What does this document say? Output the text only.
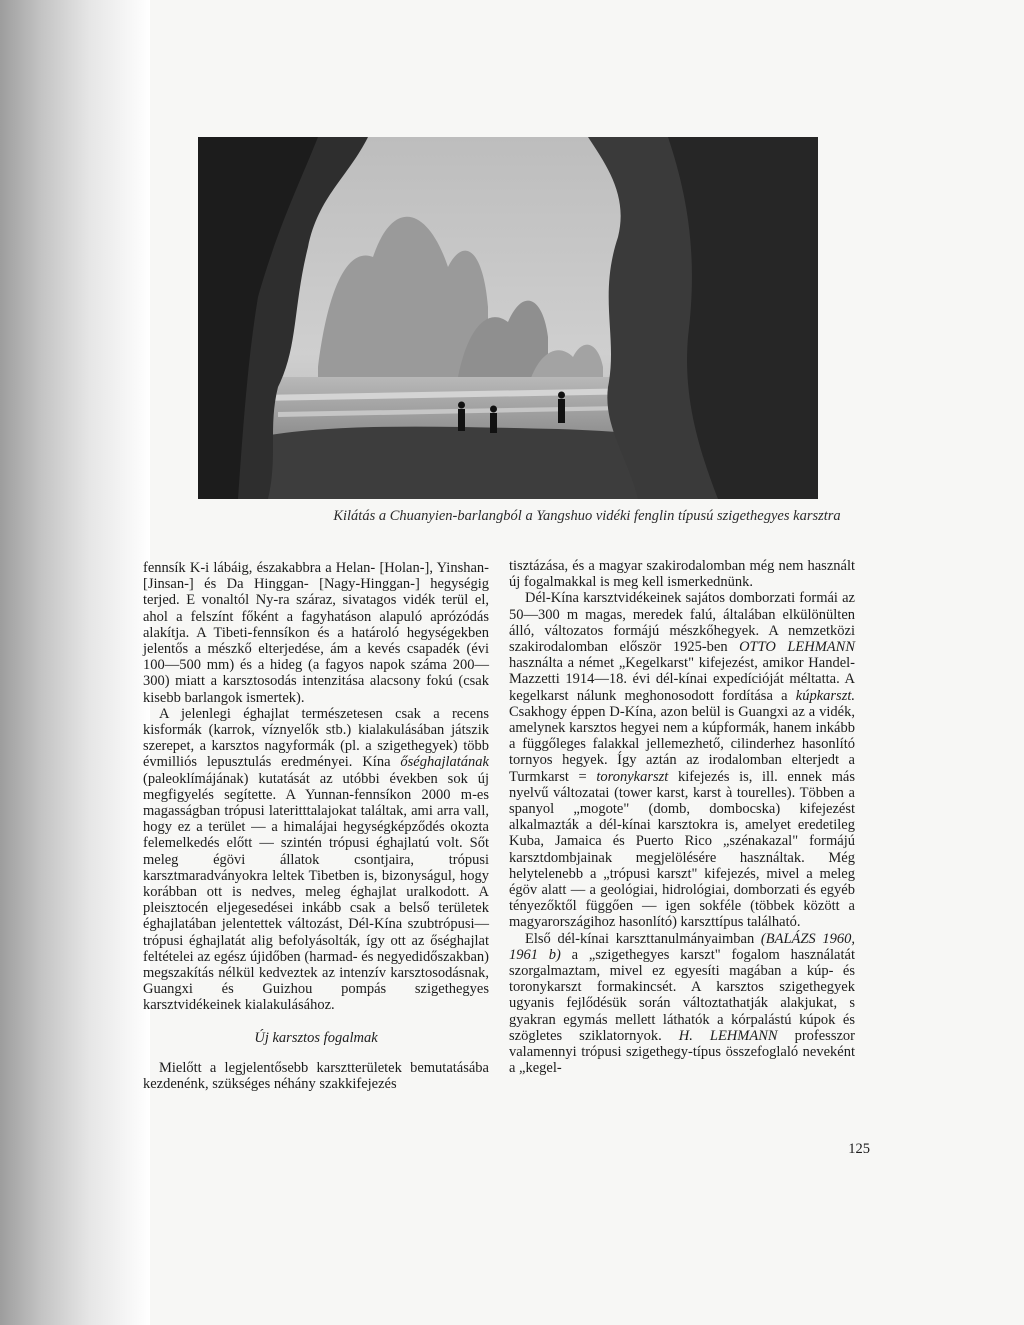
Kilátás a Chuanyien-barlangból a Yangshuo vidéki fenglin típusú szigethegyes karsztra

fennsík K-i lábáig, északabbra a Helan- [Holan-], Yinshan- [Jinsan-] és Da Hinggan- [Nagy-Hinggan-] hegységig terjed. E vonaltól Ny-ra száraz, sivatagos vidék terül el, ahol a felszínt főként a fagyhatáson alapuló aprózódás alakítja. A Tibeti-fennsíkon és a határoló hegységekben jelentős a mészkő elterjedése, ám a kevés csapadék (évi 100—500 mm) és a hideg (a fagyos napok száma 200—300) miatt a karsztosodás intenzitása alacsony fokú (csak kisebb barlangok ismertek).

A jelenlegi éghajlat természetesen csak a recens kisformák (karrok, víznyelők stb.) kialakulásában játszik szerepet, a karsztos nagyformák (pl. a szigethegyek) több évmilliós lepusztulás eredményei. Kína őséghajlatának (paleoklímájának) kutatását az utóbbi években sok új megfigyelés segítette. A Yunnan-fennsíkon 2000 m-es magasságban trópusi lateritttalajokat találtak, ami arra vall, hogy ez a terület — a himalájai hegységképződés okozta felemelkedés előtt — szintén trópusi éghajlatú volt. Sőt meleg égövi állatok csontjaira, trópusi karsztmaradványokra leltek Tibetben is, bizonyságul, hogy korábban ott is nedves, meleg éghajlat uralkodott. A pleisztocén eljegesedései inkább csak a belső területek éghajlatában jelentettek változást, Dél-Kína szubtrópusi—trópusi éghajlatát alig befolyásolták, így ott az őséghajlat feltételei az egész újidőben (harmad- és negyedidőszakban) megszakítás nélkül kedveztek az intenzív karsztosodásnak, Guangxi és Guizhou pompás szigethegyes karsztvidékeinek kialakulásához.

Új karsztos fogalmak

Mielőtt a legjelentősebb karsztterületek bemutatásába kezdenénk, szükséges néhány szakkifejezés

tisztázása, és a magyar szakirodalomban még nem használt új fogalmakkal is meg kell ismerkednünk.

Dél-Kína karsztvidékeinek sajátos domborzati formái az 50—300 m magas, meredek falú, általában elkülönülten álló, változatos formájú mészkőhegyek. A nemzetközi szakirodalomban először 1925-ben OTTO LEHMANN használta a német „Kegelkarst" kifejezést, amikor Handel-Mazzetti 1914—18. évi dél-kínai expedícióját méltatta. A kegelkarst nálunk meghonosodott fordítása a kúpkarszt. Csakhogy éppen D-Kína, azon belül is Guangxi az a vidék, amelynek karsztos hegyei nem a kúpformák, hanem inkább a függőleges falakkal jellemezhető, cilinderhez hasonlító tornyos hegyek. Így aztán az irodalomban elterjedt a Turmkarst = toronykarszt kifejezés is, ill. ennek más nyelvű változatai (tower karst, karst à tourelles). Többen a spanyol „mogote" (domb, dombocska) kifejezést alkalmazták a dél-kínai karsztokra is, amelyet eredetileg Kuba, Jamaica és Puerto Rico „szénakazal" formájú karsztdombjainak megjelölésére használtak. Még helytelenebb a „trópusi karszt" kifejezés, mivel a meleg égöv alatt — a geológiai, hidrológiai, domborzati és egyéb tényezőktől függően — igen sokféle (többek között a magyarországihoz hasonlító) karszttípus található.

Első dél-kínai karszttanulmányaimban (BALÁZS 1960, 1961 b) a „szigethegyes karszt" fogalom használatát szorgalmaztam, mivel ez egyesíti magában a kúp- és toronykarszt formakincsét. A karsztos szigethegyek ugyanis fejlődésük során változtathatják alakjukat, s gyakran egymás mellett láthatók a kórpalástú kúpok és szögletes sziklatornyok. H. LEHMANN professzor valamennyi trópusi szigethegy-típus összefoglaló neveként a „kegel-

125
